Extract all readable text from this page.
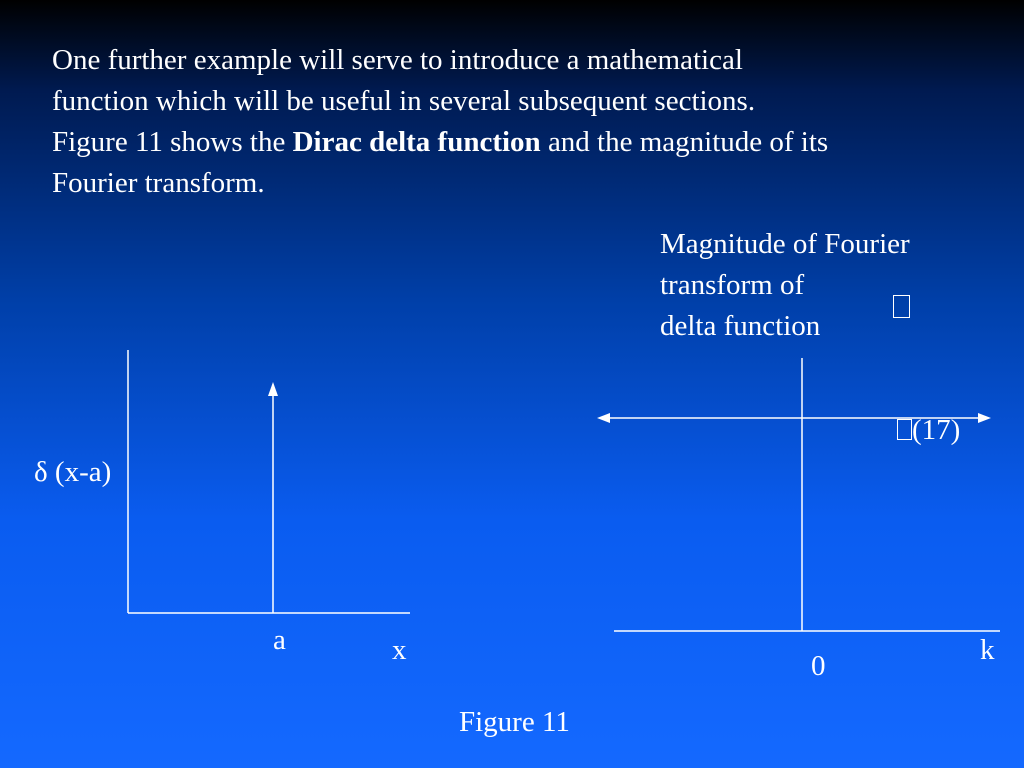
One further example will serve to introduce a mathematical
function which will be useful in several subsequent sections.
Figure 11 shows the Dirac delta function and the magnitude of its
Fourier transform.
δ (x-a)
a	x
Magnitude of Fourier
transform of
delta function
(17)
0	k
Figure 11
